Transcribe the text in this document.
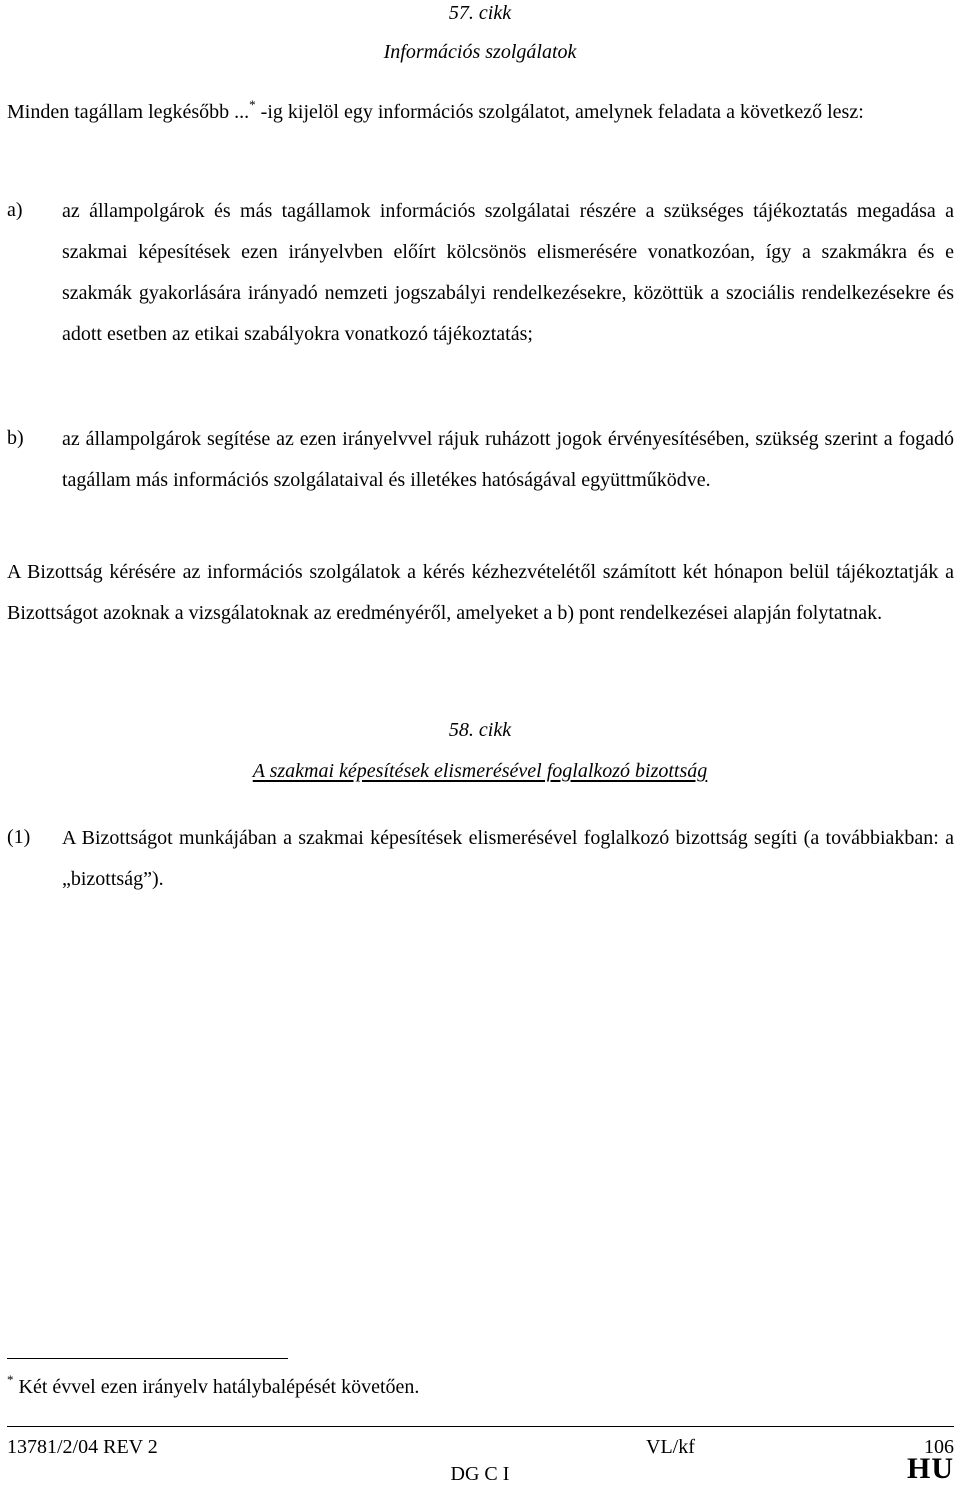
57. cikk
Információs szolgálatok
Minden tagállam legkésőbb ...* -ig kijelöl egy információs szolgálatot, amelynek feladata a következő lesz:
a) az állampolgárok és más tagállamok információs szolgálatai részére a szükséges tájékoztatás megadása a szakmai képesítések ezen irányelvben előírt kölcsönös elismerésére vonatkozóan, így a szakmákra és e szakmák gyakorlására irányadó nemzeti jogszabályi rendelkezésekre, közöttük a szociális rendelkezésekre és adott esetben az etikai szabályokra vonatkozó tájékoztatás;
b) az állampolgárok segítése az ezen irányelvvel rájuk ruházott jogok érvényesítésében, szükség szerint a fogadó tagállam más információs szolgálataival és illetékes hatóságával együttműködve.
A Bizottság kérésére az információs szolgálatok a kérés kézhezvételétől számított két hónapon belül tájékoztatják a Bizottságot azoknak a vizsgálatoknak az eredményéről, amelyeket a b) pont rendelkezései alapján folytatnak.
58. cikk
A szakmai képesítések elismerésével foglalkozó bizottság
(1) A Bizottságot munkájában a szakmai képesítések elismerésével foglalkozó bizottság segíti (a továbbiakban: a „bizottság”).
* Két évvel ezen irányelv hatálybalépését követően.
13781/2/04 REV 2	VL/kf	106
DG C I	HU
